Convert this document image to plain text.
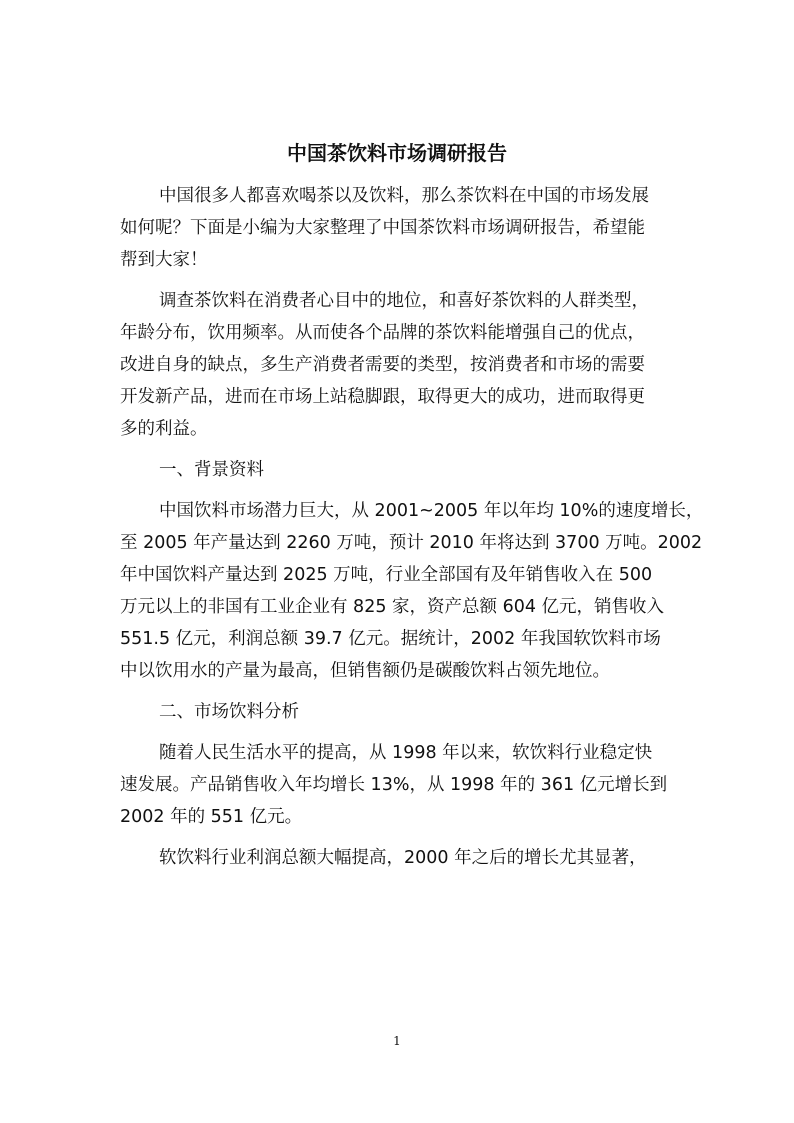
中国茶饮料市场调研报告

中国很多人都喜欢喝茶以及饮料，那么茶饮料在中国的市场发展
如何呢？下面是小编为大家整理了中国茶饮料市场调研报告，希望能
帮到大家！

调查茶饮料在消费者心目中的地位，和喜好茶饮料的人群类型，
年龄分布，饮用频率。从而使各个品牌的茶饮料能增强自己的优点，
改进自身的缺点，多生产消费者需要的类型，按消费者和市场的需要
开发新产品，进而在市场上站稳脚跟，取得更大的成功，进而取得更
多的利益。

一、背景资料

中国饮料市场潜力巨大，从 2001~2005 年以年均 10%的速度增长，
至 2005 年产量达到 2260 万吨，预计 2010 年将达到 3700 万吨。2002
年中国饮料产量达到 2025 万吨，行业全部国有及年销售收入在 500
万元以上的非国有工业企业有 825 家，资产总额 604 亿元，销售收入
551.5 亿元，利润总额 39.7 亿元。据统计，2002 年我国软饮料市场
中以饮用水的产量为最高，但销售额仍是碳酸饮料占领先地位。

二、市场饮料分析

随着人民生活水平的提高，从 1998 年以来，软饮料行业稳定快
速发展。产品销售收入年均增长 13%，从 1998 年的 361 亿元增长到
2002 年的 551 亿元。

软饮料行业利润总额大幅提高，2000 年之后的增长尤其显著，

1
